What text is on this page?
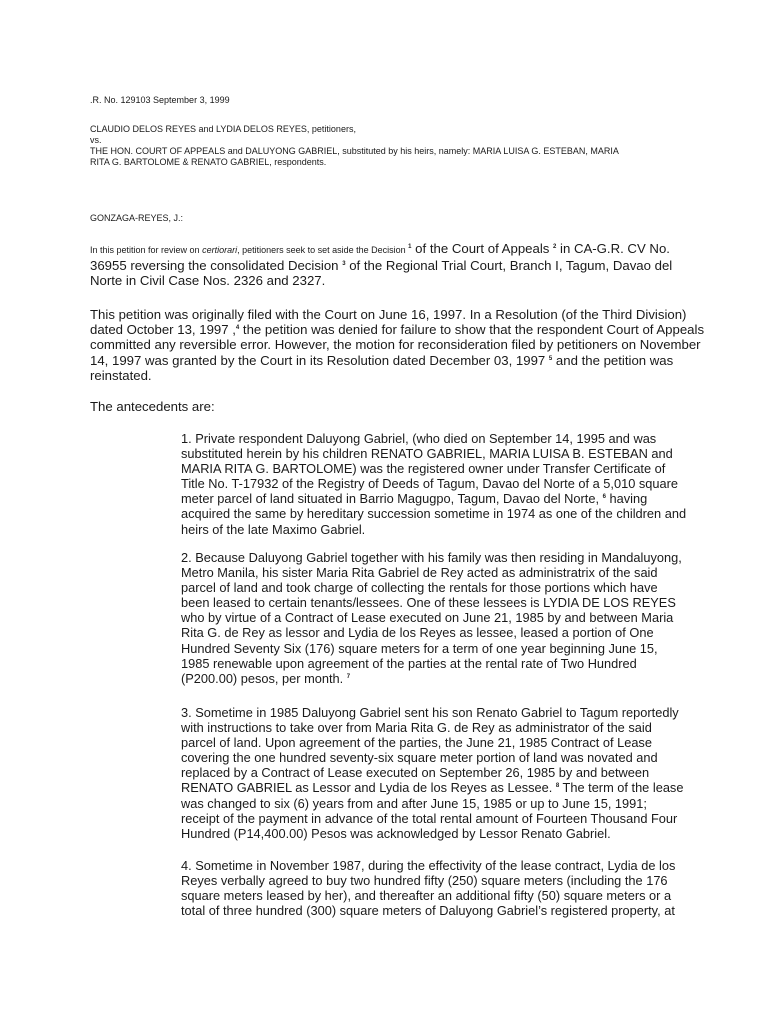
.R. No. 129103 September 3, 1999
CLAUDIO DELOS REYES and LYDIA DELOS REYES, petitioners,
vs.
THE HON. COURT OF APPEALS and DALUYONG GABRIEL, substituted by his heirs, namely: MARIA LUISA G. ESTEBAN, MARIA
RITA G. BARTOLOME & RENATO GABRIEL, respondents.
GONZAGA-REYES, J.:
In this petition for review on certiorari, petitioners seek to set aside the Decision $^1$ of the Court of Appeals $^2$ in CA-G.R. CV No.
36955 reversing the consolidated Decision $^3$ of the Regional Trial Court, Branch I, Tagum, Davao del
Norte in Civil Case Nos. 2326 and 2327.
This petition was originally filed with the Court on June 16, 1997. In a Resolution (of the Third Division)
dated October 13, 1997 ,$^4$ the petition was denied for failure to show that the respondent Court of Appeals
committed any reversible error. However, the motion for reconsideration filed by petitioners on November
14, 1997 was granted by the Court in its Resolution dated December 03, 1997 $^5$ and the petition was
reinstated.
The antecedents are:
1. Private respondent Daluyong Gabriel, (who died on September 14, 1995 and was
substituted herein by his children RENATO GABRIEL, MARIA LUISA B. ESTEBAN and
MARIA RITA G. BARTOLOME) was the registered owner under Transfer Certificate of
Title No. T-17932 of the Registry of Deeds of Tagum, Davao del Norte of a 5,010 square
meter parcel of land situated in Barrio Magugpo, Tagum, Davao del Norte, $^6$ having
acquired the same by hereditary succession sometime in 1974 as one of the children and
heirs of the late Maximo Gabriel.
2. Because Daluyong Gabriel together with his family was then residing in Mandaluyong,
Metro Manila, his sister Maria Rita Gabriel de Rey acted as administratrix of the said
parcel of land and took charge of collecting the rentals for those portions which have
been leased to certain tenants/lessees. One of these lessees is LYDIA DE LOS REYES
who by virtue of a Contract of Lease executed on June 21, 1985 by and between Maria
Rita G. de Rey as lessor and Lydia de los Reyes as lessee, leased a portion of One
Hundred Seventy Six (176) square meters for a term of one year beginning June 15,
1985 renewable upon agreement of the parties at the rental rate of Two Hundred
(P200.00) pesos, per month. $^7$
3. Sometime in 1985 Daluyong Gabriel sent his son Renato Gabriel to Tagum reportedly
with instructions to take over from Maria Rita G. de Rey as administrator of the said
parcel of land. Upon agreement of the parties, the June 21, 1985 Contract of Lease
covering the one hundred seventy-six square meter portion of land was novated and
replaced by a Contract of Lease executed on September 26, 1985 by and between
RENATO GABRIEL as Lessor and Lydia de los Reyes as Lessee. $^8$ The term of the lease
was changed to six (6) years from and after June 15, 1985 or up to June 15, 1991;
receipt of the payment in advance of the total rental amount of Fourteen Thousand Four
Hundred (P14,400.00) Pesos was acknowledged by Lessor Renato Gabriel.
4. Sometime in November 1987, during the effectivity of the lease contract, Lydia de los
Reyes verbally agreed to buy two hundred fifty (250) square meters (including the 176
square meters leased by her), and thereafter an additional fifty (50) square meters or a
total of three hundred (300) square meters of Daluyong Gabriel’s registered property, at
